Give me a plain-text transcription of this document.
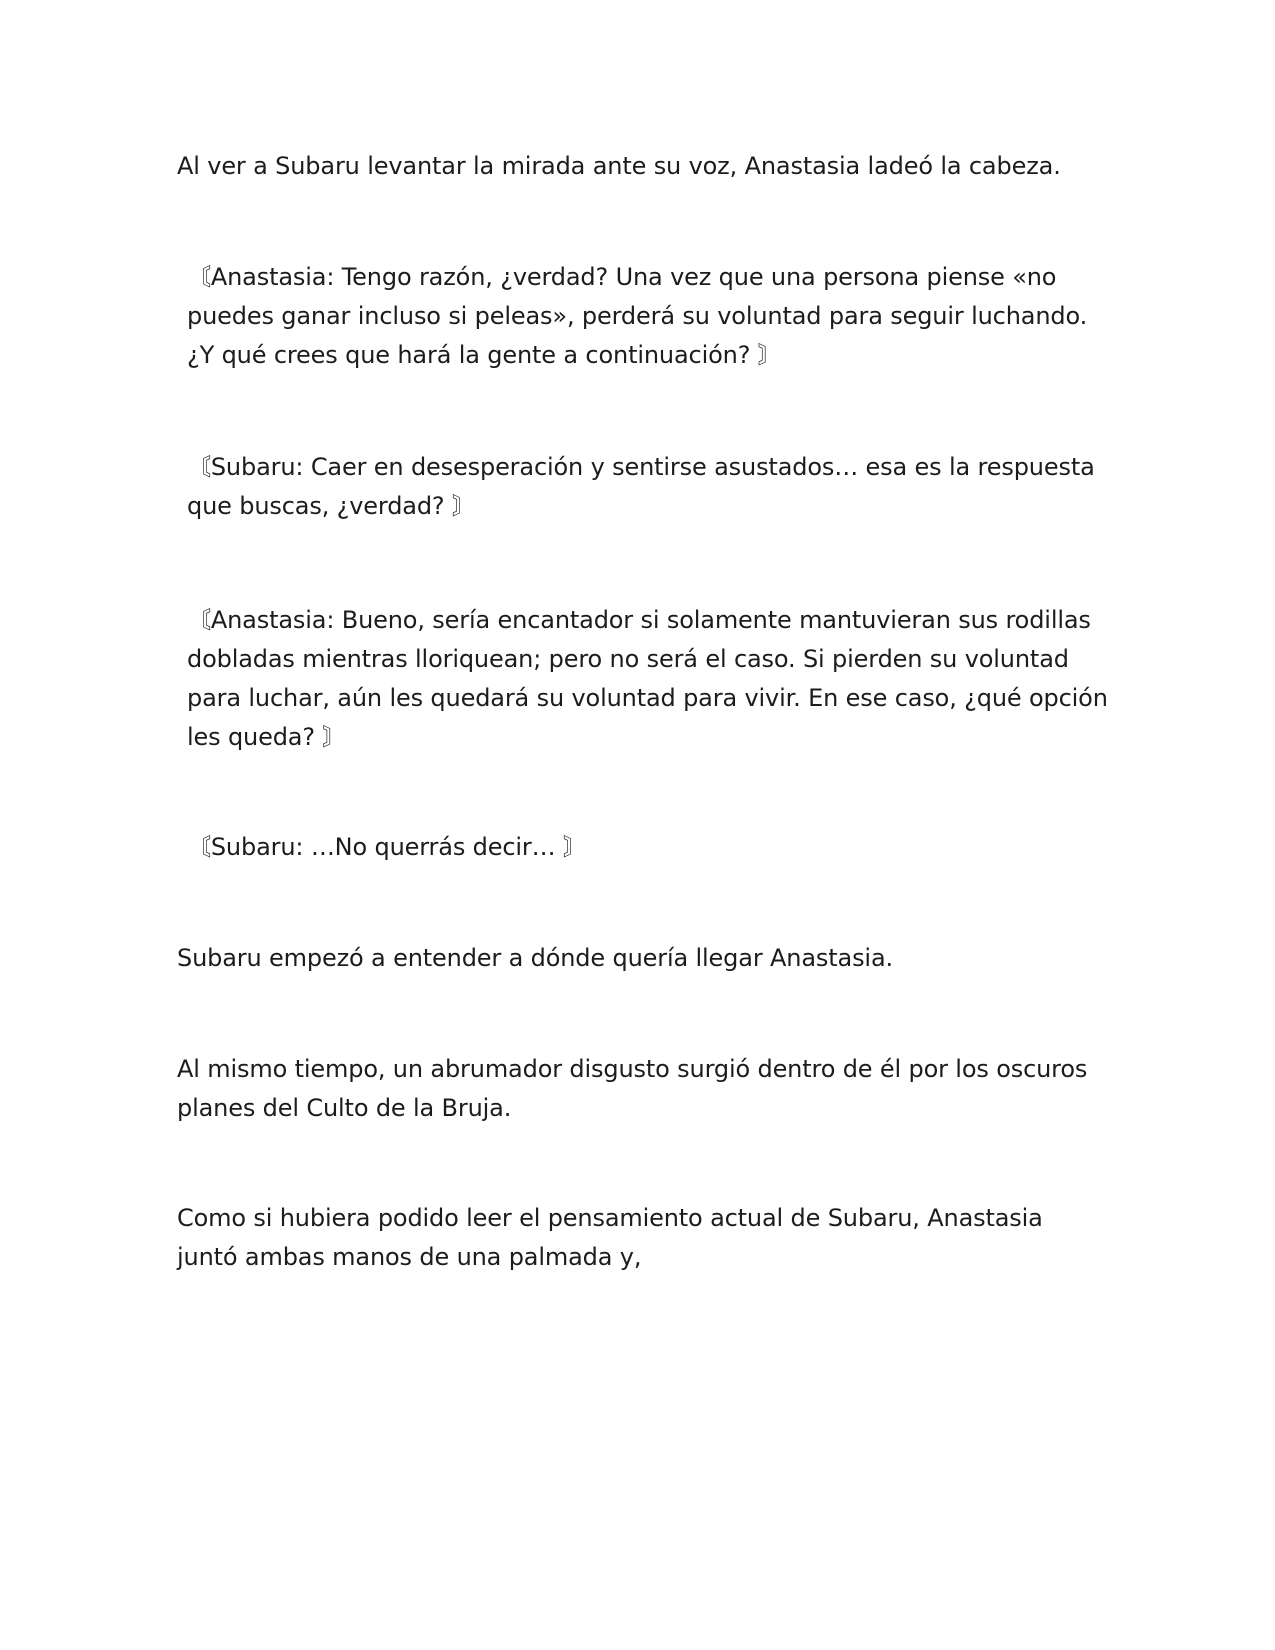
Al ver a Subaru levantar la mirada ante su voz, Anastasia ladeó la cabeza.

〘Anastasia: Tengo razón, ¿verdad? Una vez que una persona piense «no puedes ganar incluso si peleas», perderá su voluntad para seguir luchando. ¿Y qué crees que hará la gente a continuación? 〙

〘Subaru: Caer en desesperación y sentirse asustados… esa es la respuesta que buscas, ¿verdad? 〙

〘Anastasia: Bueno, sería encantador si solamente mantuvieran sus rodillas dobladas mientras lloriquean; pero no será el caso. Si pierden su voluntad para luchar, aún les quedará su voluntad para vivir. En ese caso, ¿qué opción les queda? 〙

〘Subaru: …No querrás decir… 〙

Subaru empezó a entender a dónde quería llegar Anastasia.

Al mismo tiempo, un abrumador disgusto surgió dentro de él por los oscuros planes del Culto de la Bruja.

Como si hubiera podido leer el pensamiento actual de Subaru, Anastasia juntó ambas manos de una palmada y,
